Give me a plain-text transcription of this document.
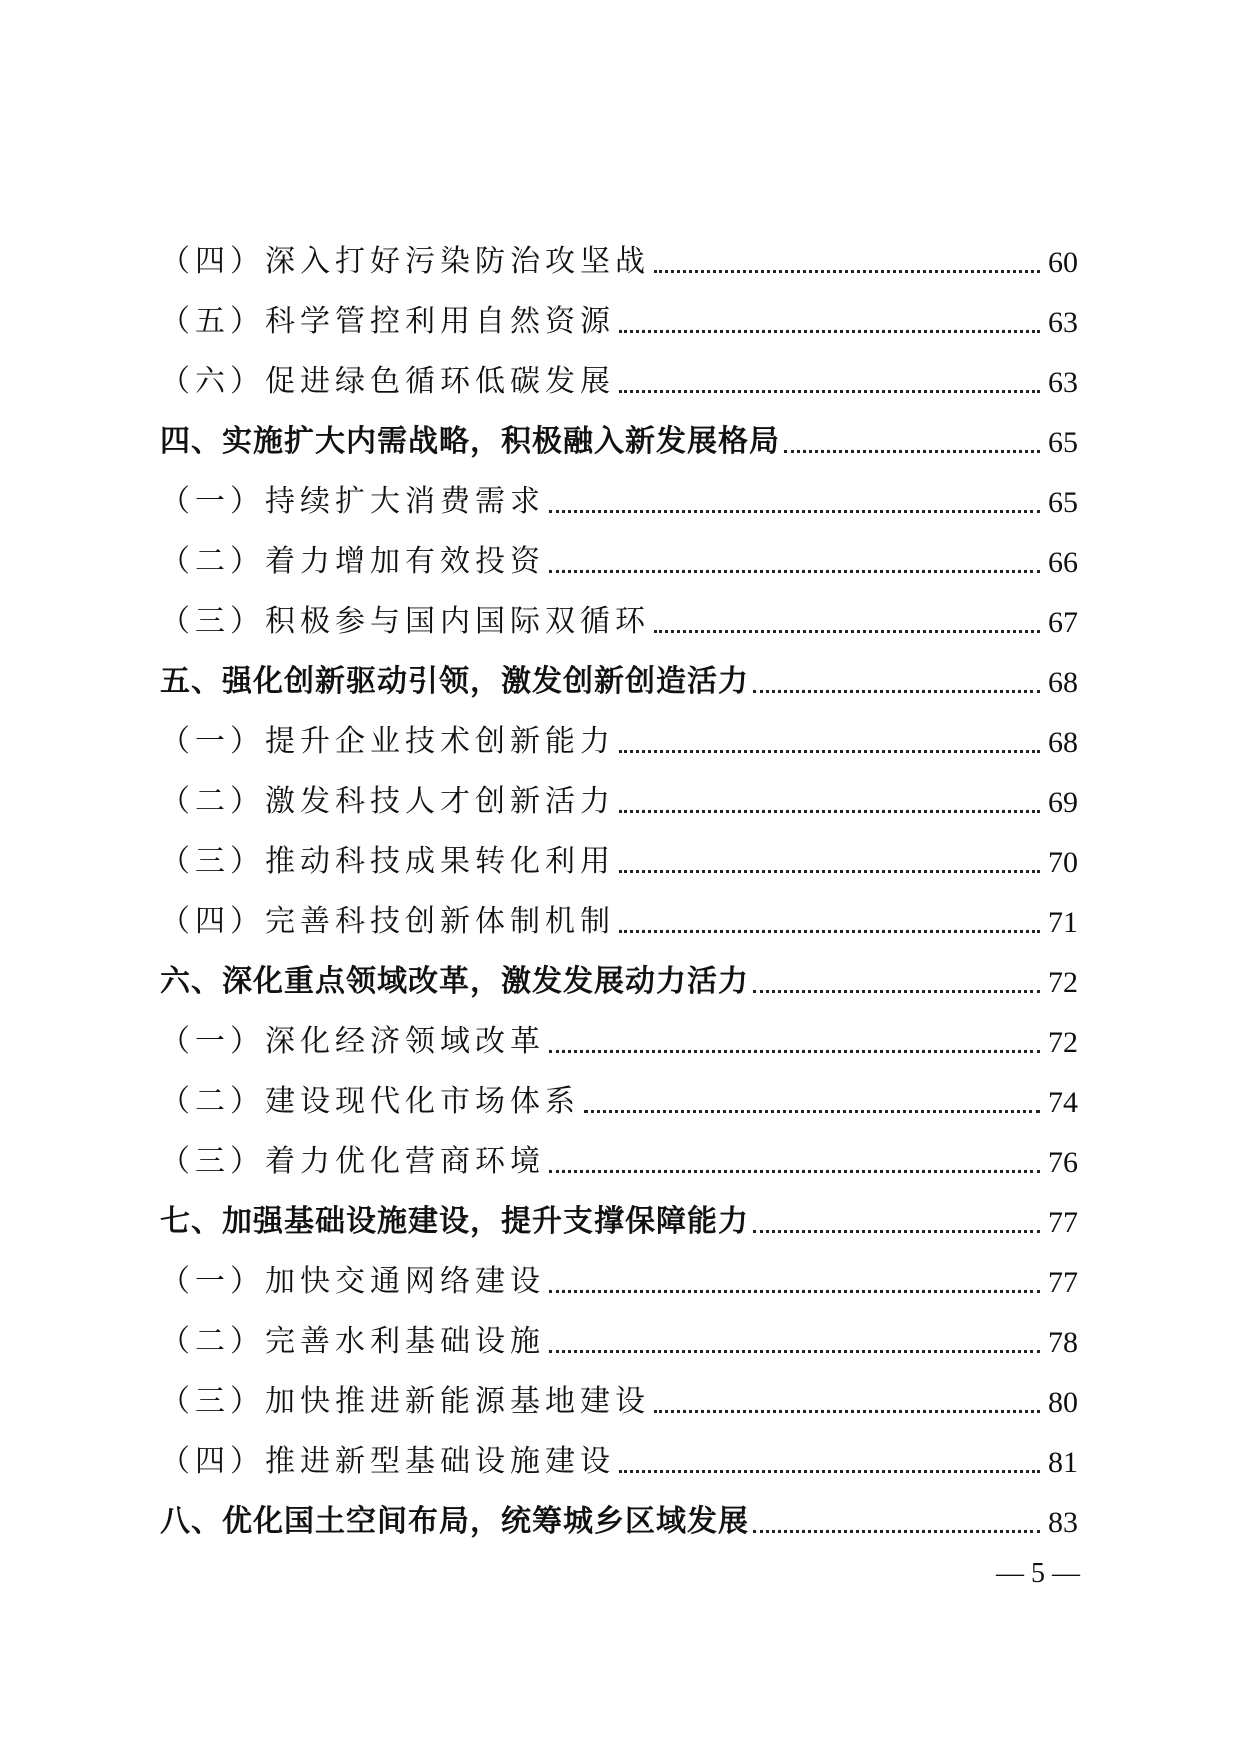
（四）深入打好污染防治攻坚战	60
（五）科学管控利用自然资源	63
（六）促进绿色循环低碳发展	63
四、实施扩大内需战略，积极融入新发展格局	65
（一）持续扩大消费需求	65
（二）着力增加有效投资	66
（三）积极参与国内国际双循环	67
五、强化创新驱动引领，激发创新创造活力	68
（一）提升企业技术创新能力	68
（二）激发科技人才创新活力	69
（三）推动科技成果转化利用	70
（四）完善科技创新体制机制	71
六、深化重点领域改革，激发发展动力活力	72
（一）深化经济领域改革	72
（二）建设现代化市场体系	74
（三）着力优化营商环境	76
七、加强基础设施建设，提升支撑保障能力	77
（一）加快交通网络建设	77
（二）完善水利基础设施	78
（三）加快推进新能源基地建设	80
（四）推进新型基础设施建设	81
八、优化国土空间布局，统筹城乡区域发展	83
— 5 —
